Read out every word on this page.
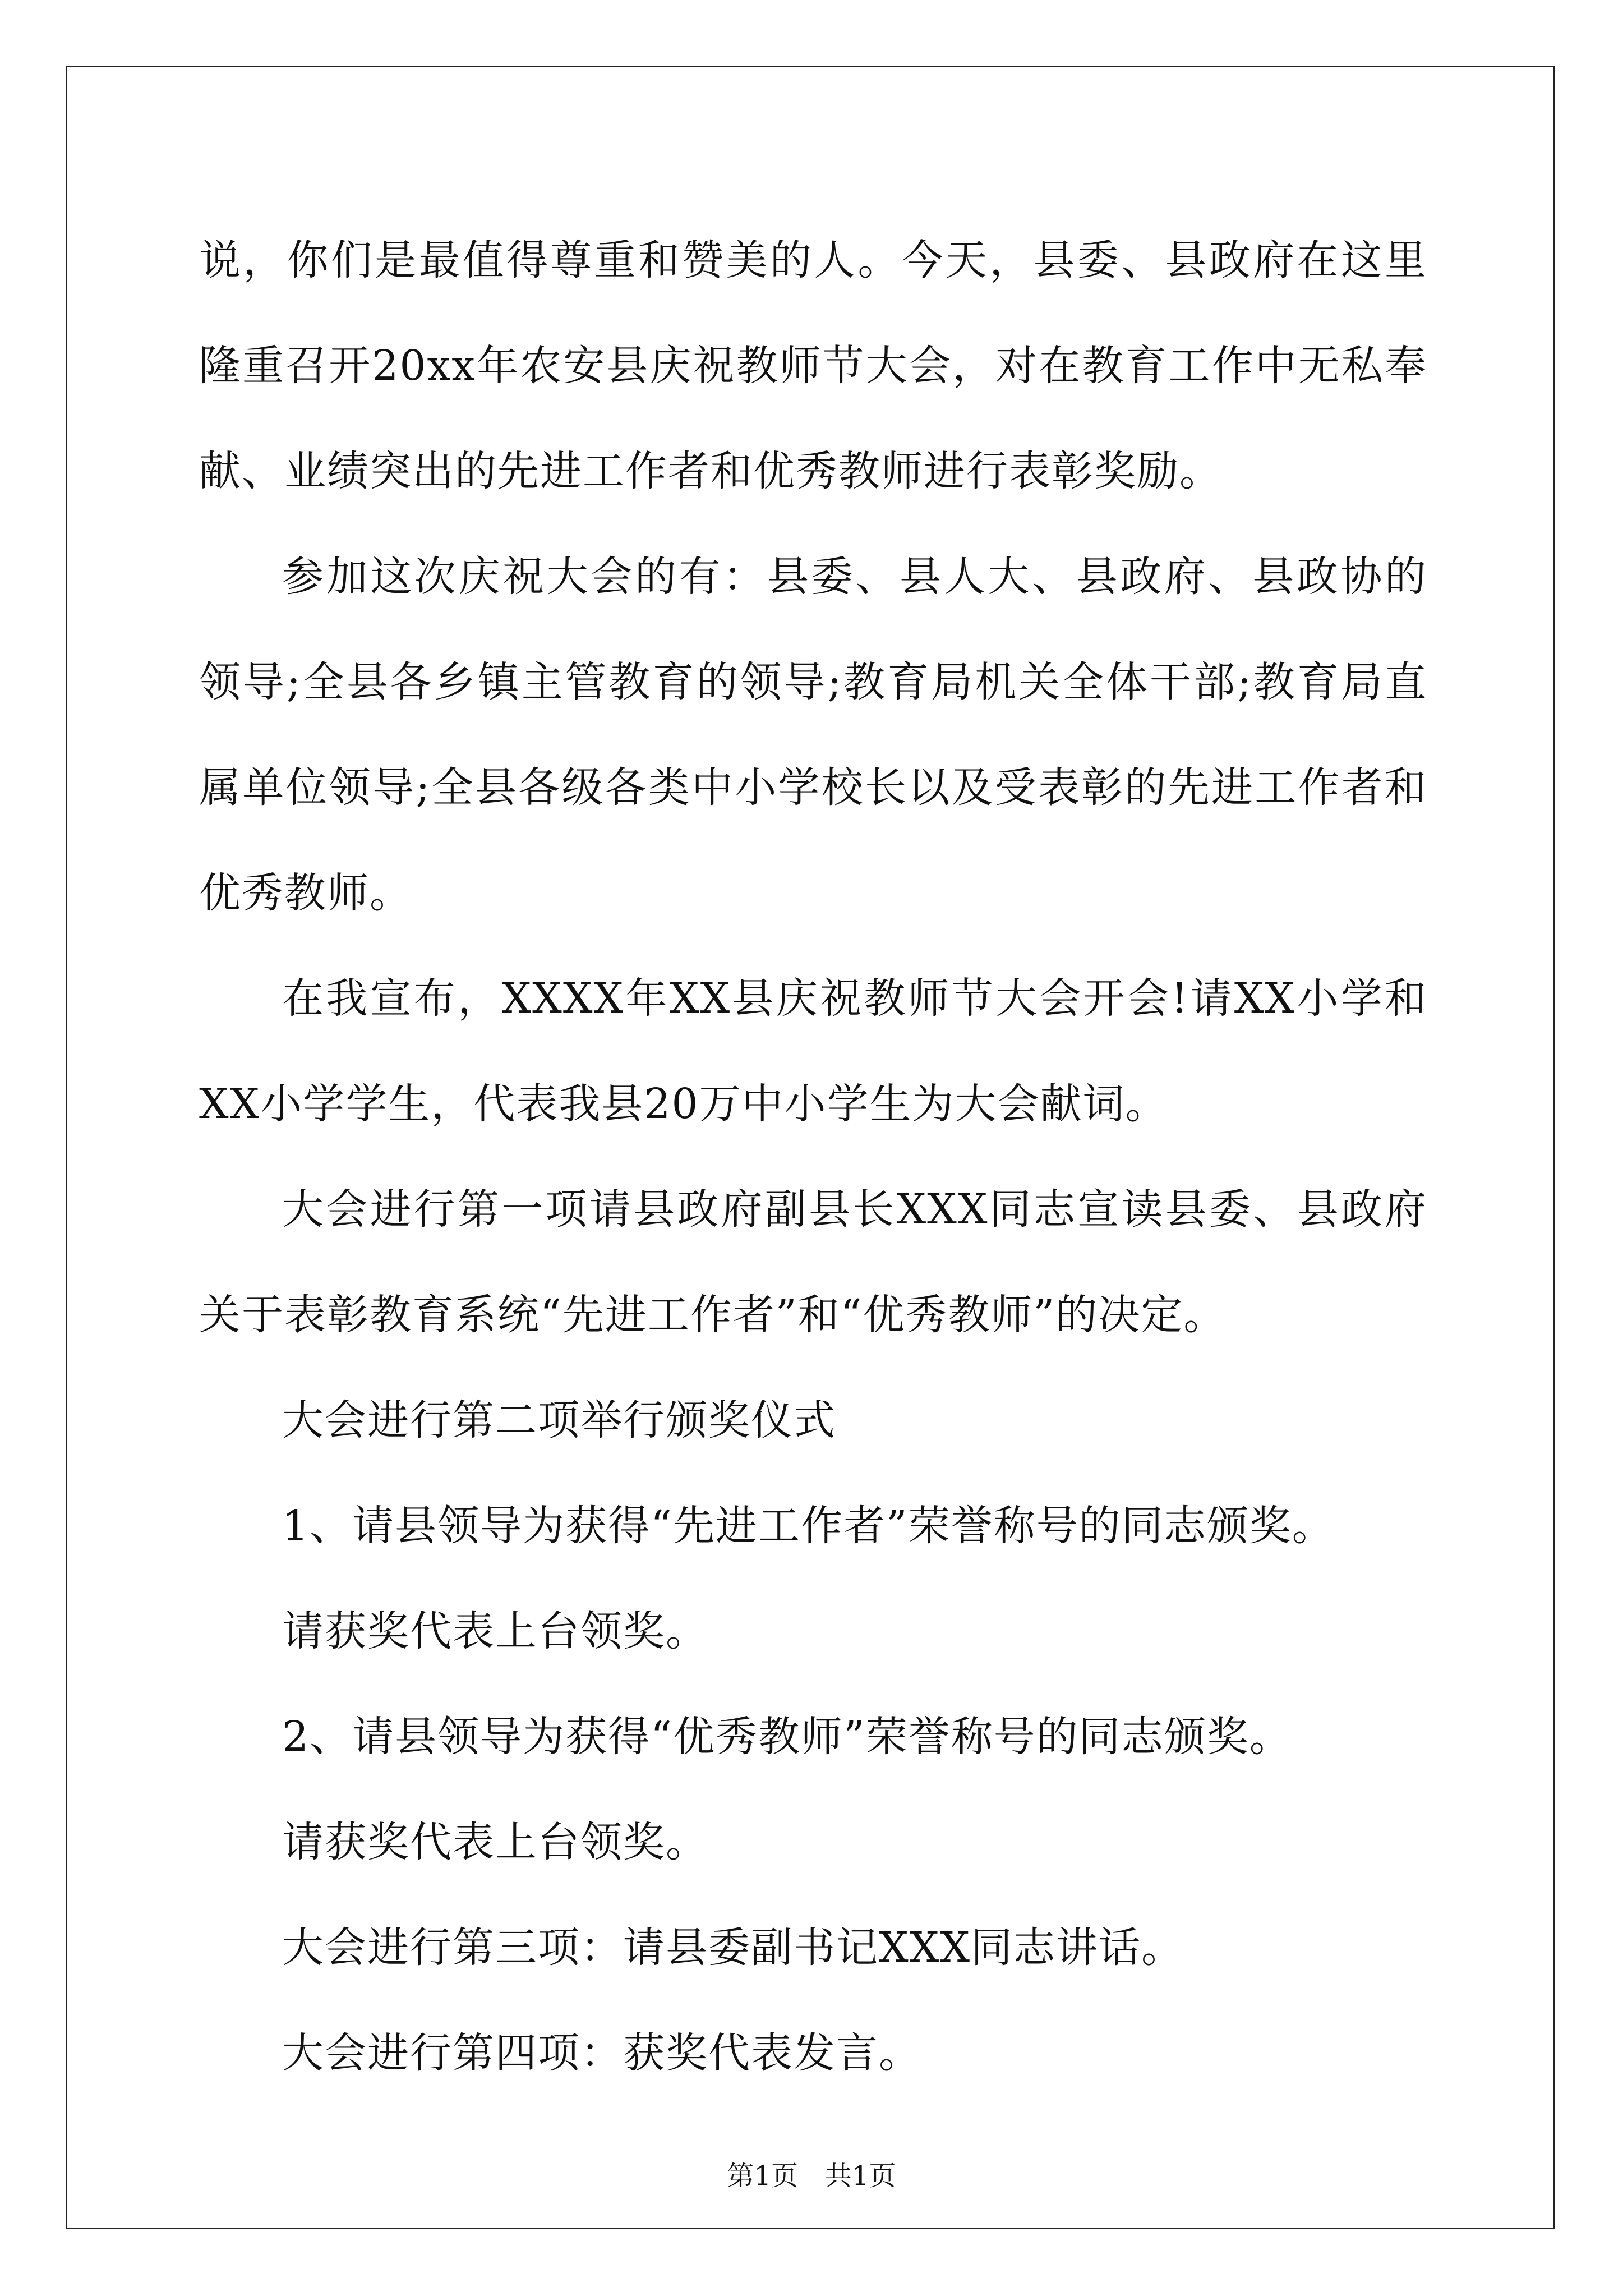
说，你们是最值得尊重和赞美的人。今天，县委、县政府在这里隆重召开20xx年农安县庆祝教师节大会，对在教育工作中无私奉献、业绩突出的先进工作者和优秀教师进行表彰奖励。

参加这次庆祝大会的有：县委、县人大、县政府、县政协的领导;全县各乡镇主管教育的领导;教育局机关全体干部;教育局直属单位领导;全县各级各类中小学校长以及受表彰的先进工作者和优秀教师。

在我宣布，XXXX年XX县庆祝教师节大会开会!请XX小学和XX小学学生，代表我县20万中小学生为大会献词。

大会进行第一项请县政府副县长XXX同志宣读县委、县政府关于表彰教育系统“先进工作者”和“优秀教师”的决定。

大会进行第二项举行颁奖仪式

1、请县领导为获得“先进工作者”荣誉称号的同志颁奖。

请获奖代表上台领奖。

2、请县领导为获得“优秀教师”荣誉称号的同志颁奖。

请获奖代表上台领奖。

大会进行第三项：请县委副书记XXX同志讲话。

大会进行第四项：获奖代表发言。

第1页　共1页
